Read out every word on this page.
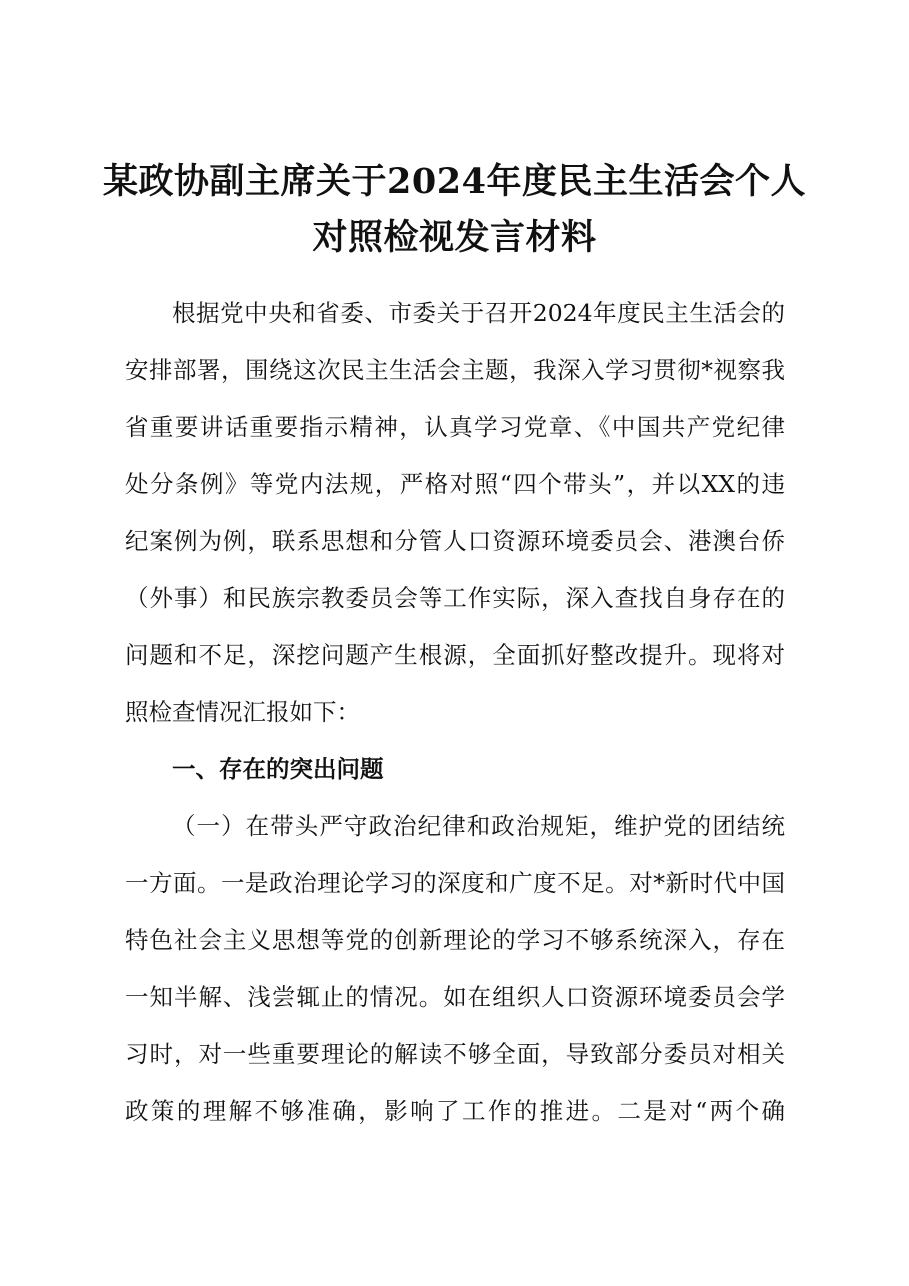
某政协副主席关于2024年度民主生活会个人
对照检视发言材料
根据党中央和省委、市委关于召开2024年度民主生活会的
安排部署，围绕这次民主生活会主题，我深入学习贯彻*视察我
省重要讲话重要指示精神，认真学习党章、《中国共产党纪律
处分条例》等党内法规，严格对照“四个带头”，并以XX的违
纪案例为例，联系思想和分管人口资源环境委员会、港澳台侨
（外事）和民族宗教委员会等工作实际，深入查找自身存在的
问题和不足，深挖问题产生根源，全面抓好整改提升。现将对
照检查情况汇报如下：
一、存在的突出问题
（一）在带头严守政治纪律和政治规矩，维护党的团结统
一方面。一是政治理论学习的深度和广度不足。对*新时代中国
特色社会主义思想等党的创新理论的学习不够系统深入，存在
一知半解、浅尝辄止的情况。如在组织人口资源环境委员会学
习时，对一些重要理论的解读不够全面，导致部分委员对相关
政策的理解不够准确，影响了工作的推进。二是对“两个确
